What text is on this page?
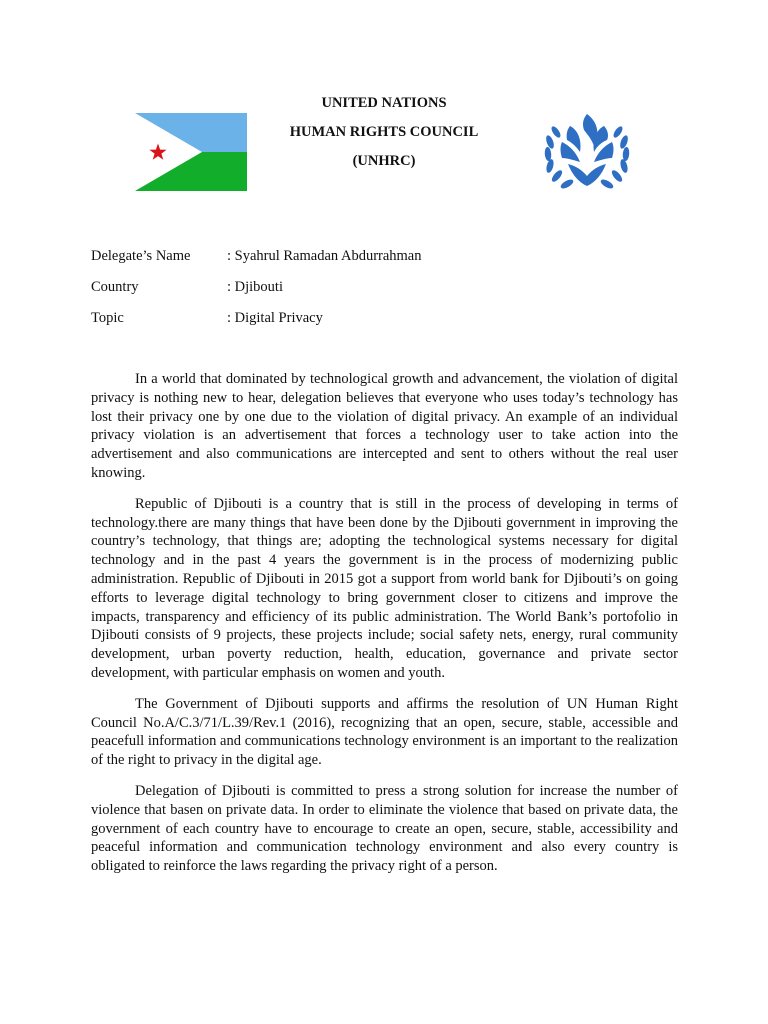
UNITED NATIONS
HUMAN RIGHTS COUNCIL
(UNHRC)
Delegate’s Name	: Syahrul Ramadan Abdurrahman
Country	: Djibouti
Topic	: Digital Privacy

In a world that dominated by technological growth and advancement, the violation of digital privacy is nothing new to hear, delegation believes that everyone who uses today’s technology has lost their privacy one by one due to the violation of digital privacy. An example of an individual privacy violation is an advertisement that forces a technology user to take action into the advertisement and also communications are intercepted and sent to others without the real user knowing.

Republic of Djibouti is a country that is still in the process of developing in terms of technology.there are many things that have been done by the Djibouti government in improving the country’s technology, that things are; adopting the technological systems necessary for digital technology and in the past 4 years the government is in the process of modernizing public administration. Republic of Djibouti in 2015 got a support from world bank for Djibouti’s on going efforts to leverage digital technology to bring government closer to citizens and improve the impacts, transparency and efficiency of its public administration. The World Bank’s portofolio in Djibouti consists of 9 projects, these projects include; social safety nets, energy, rural community development, urban poverty reduction, health, education, governance and private sector development, with particular emphasis on women and youth.

The Government of Djibouti supports and affirms the resolution of UN Human Right Council No.A/C.3/71/L.39/Rev.1 (2016), recognizing that an open, secure, stable, accessible and peacefull information and communications technology environment is an important to the realization of the right to privacy in the digital age.

Delegation of Djibouti is committed to press a strong solution for increase the number of violence that basen on private data. In order to eliminate the violence that based on private data, the government of each country have to encourage to create an open, secure, stable, accessibility and peaceful information and communication technology environment and also every country is obligated to reinforce the laws regarding the privacy right of a person.
